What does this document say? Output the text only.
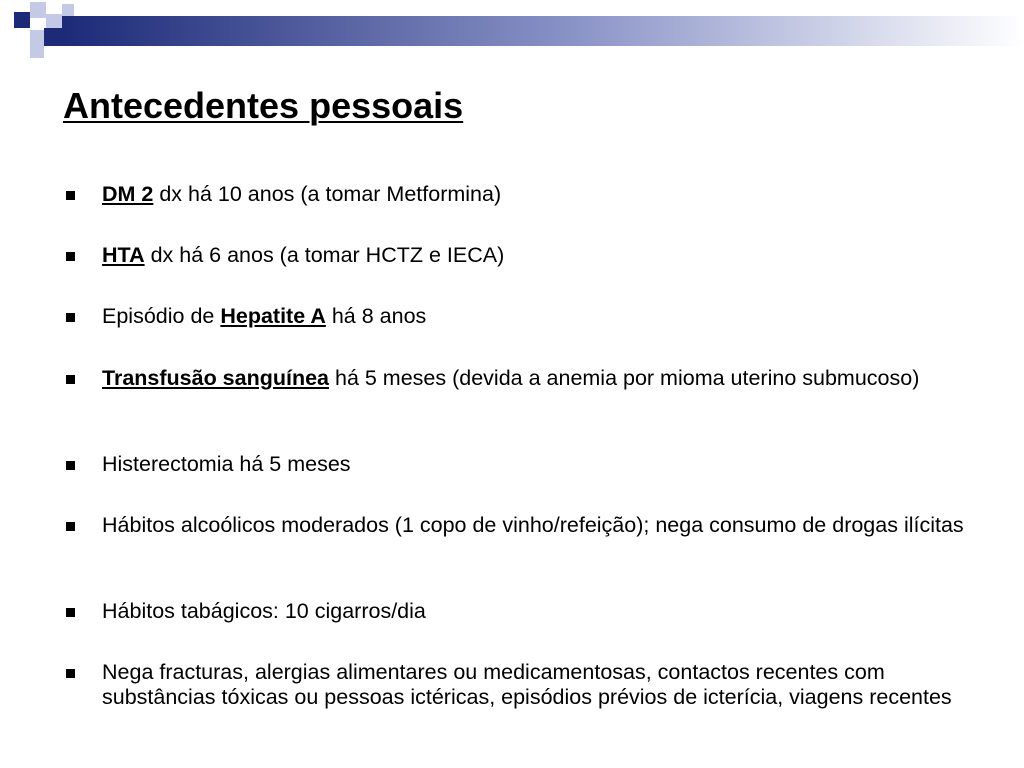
Antecedentes pessoais
DM 2 dx há 10 anos (a tomar Metformina)
HTA dx há 6 anos (a tomar HCTZ e IECA)
Episódio de Hepatite A há 8 anos
Transfusão sanguínea há 5 meses (devida a anemia por mioma uterino submucoso)
Histerectomia há 5 meses
Hábitos alcoólicos moderados (1 copo de vinho/refeição); nega consumo de drogas ilícitas
Hábitos tabágicos: 10 cigarros/dia
Nega fracturas, alergias alimentares ou medicamentosas, contactos recentes com substâncias tóxicas ou pessoas ictéricas, episódios prévios de icterícia, viagens recentes
